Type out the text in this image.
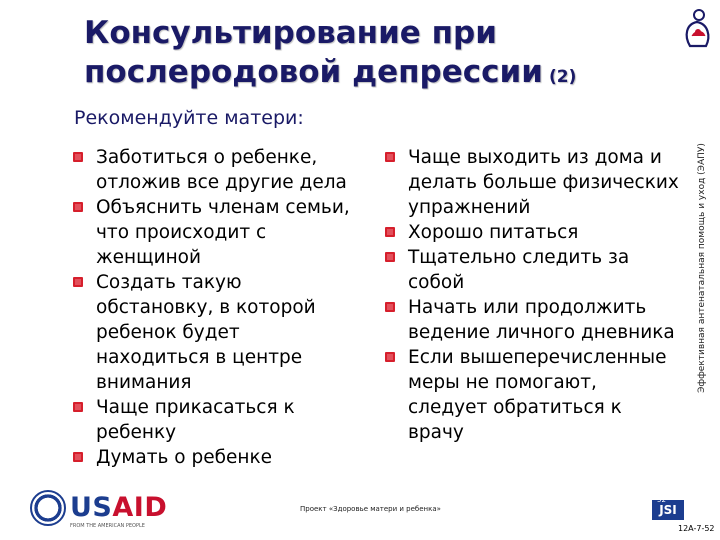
Консультирование при
послеродовой депрессии (2)
Рекомендуйте матери:

Заботиться о ребенке, отложив все другие дела

Объяснить членам семьи, что происходит с женщиной

Создать такую обстановку, в которой ребенок будет находиться в центре внимания

Чаще прикасаться к ребенку

Думать о ребенке

Чаще выходить из дома и делать больше физических упражнений

Хорошо питаться

Тщательно следить за собой

Начать или продолжить ведение личного дневника

Если вышеперечисленные меры не помогают, следует обратиться к врачу

Эффективная антенатальная помощь и уход (ЭАПУ)
USAID
FROM THE AMERICAN PEOPLE
Проект «Здоровье матери и ребенка»	JSI
52
12A-7-52
